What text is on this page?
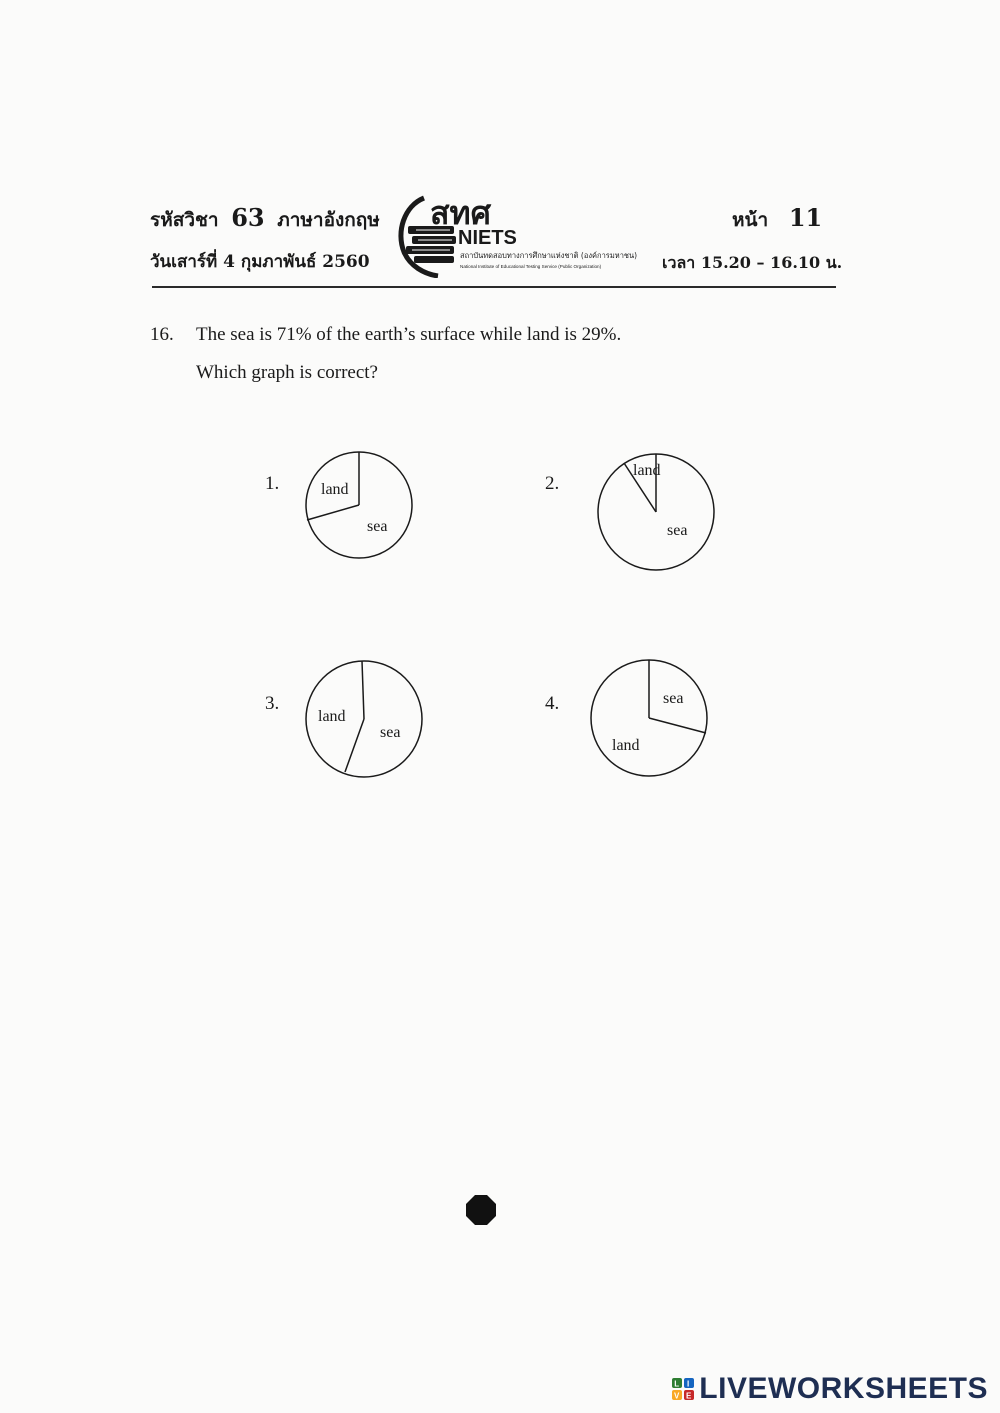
รหัสวิชา 63 ภาษาอังกฤษ
วันเสาร์ที่ 4 กุมภาพันธ์ 2560
หน้า 11
เวลา 15.20 – 16.10 น.
สทศ
NIETS
สถาบันทดสอบทางการศึกษาแห่งชาติ (องค์การมหาชน)
National Institute of Educational Testing Service (Public Organization)
16. The sea is 71% of the earth’s surface while land is 29%.
Which graph is correct?
1.	land
sea
2.
land
sea
3.
land
sea
4.	sea
land
L I
V E LIVEWORKSHEETS
